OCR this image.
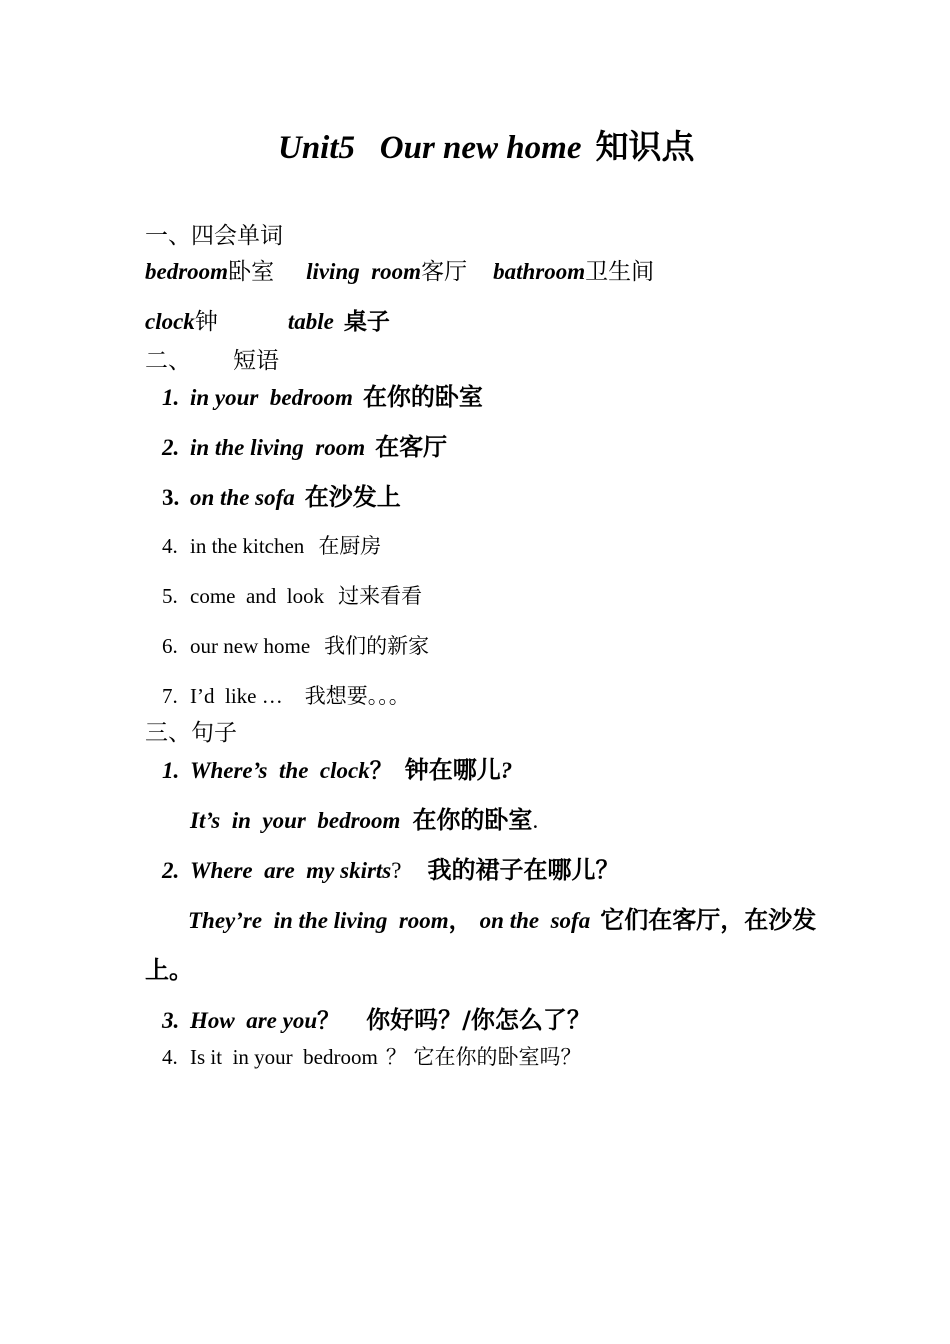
Unit5   Our new home 知识点
一、四会单词
bedroom卧室 living  room客厅 bathroom卫生间
clock钟	table 桌子
二、 短语
1. in your  bedroom 在你的卧室
2. in the living  room 在客厅
3. on the sofa 在沙发上
4. in the kitchen 在厨房
5. come  and  look 过来看看
6. our new home 我们的新家
7. I’d  like … 我想要。。。
三、句子
1. Where’s  the  clock？ 钟在哪儿?
It’s  in  your  bedroom 在你的卧室.
2. Where  are  my skirts? 我的裙子在哪儿？
They’re  in the living  room， on the  sofa 它们在客厅，在沙发
上。
3. How  are you？ 你好吗？/你怎么了？
4. Is it  in your  bedroom ？ 它在你的卧室吗？
